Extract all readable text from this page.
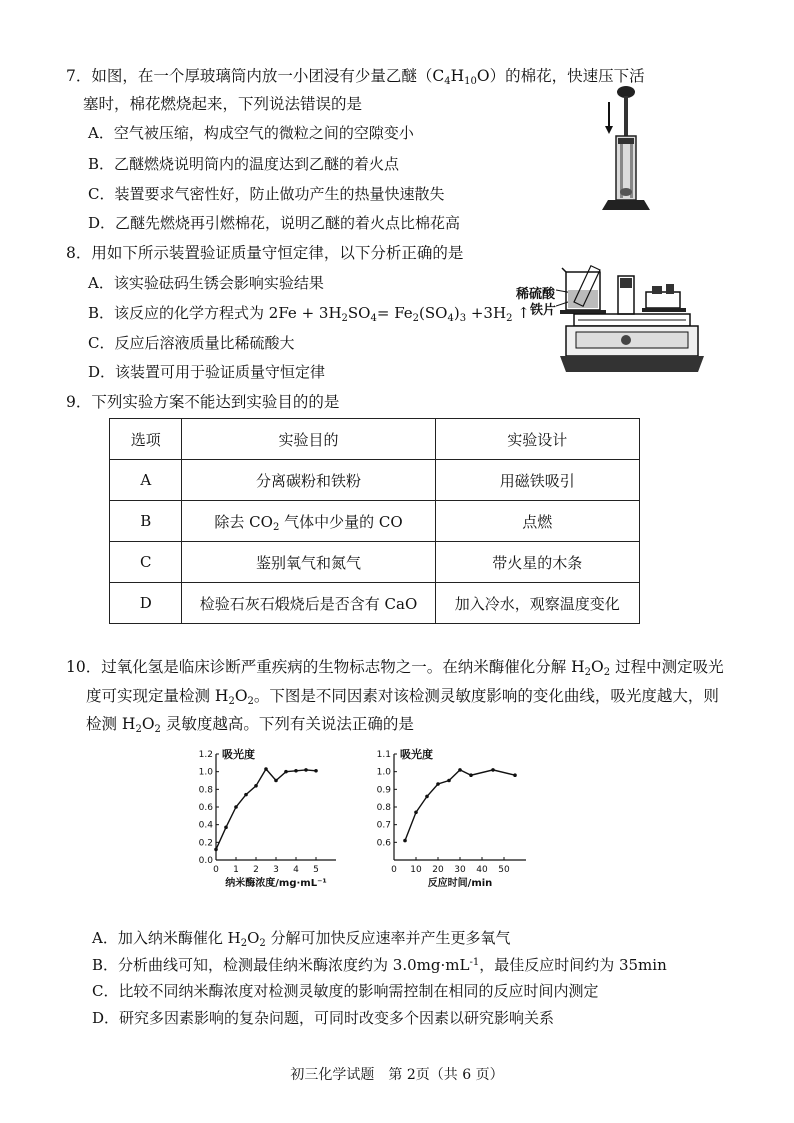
7．如图，在一个厚玻璃筒内放一小团浸有少量乙醚$(C_4H_{10}O)$的棉花，快速压下活
塞时，棉花燃烧起来，下列说法错误的是
A．空气被压缩，构成空气的微粒之间的空隙变小
B．乙醚燃烧说明筒内的温度达到乙醚的着火点
C．装置要求气密性好，防止做功产生的热量快速散失
D．乙醚先燃烧再引燃棉花，说明乙醚的着火点比棉花高
8．用如下所示装置验证质量守恒定律，以下分析正确的是
A．该实验砝码生锈会影响实验结果
B．该反应的化学方程式为 $2Fe + 3H_2SO_4= Fe_2(SO_4)_3 +3H_2$ ↑
C．反应后溶液质量比稀硫酸大
D．该装置可用于验证质量守恒定律
稀硫酸
铁片
9．下列实验方案不能达到实验目的的是
选项	实验目的	实验设计
A	分离碳粉和铁粉	用磁铁吸引
B	除去 $CO_2$ 气体中少量的 CO	点燃
C	鉴别氧气和氮气	带火星的木条
D	检验石灰石煅烧后是否含有 CaO	加入冷水，观察温度变化
10．过氧化氢是临床诊断严重疾病的生物标志物之一。在纳米酶催化分解 $H_2O_2$ 过程中测定吸光
度可实现定量检测 $H_2O_2$。下图是不同因素对该检测灵敏度影响的变化曲线，吸光度越大，则
检测 $H_2O_2$ 灵敏度越高。下列有关说法正确的是
0.0
0.2
0.4
0.6
0.8
1.0
1.2
0 1 2 3 4 5
吸光度
纳米酶浓度/mg·mL⁻¹
0.6
0.7
0.8
0.9
1.0
1.1
0 10 20 30 40 50
吸光度
反应时间/min
A．加入纳米酶催化 $H_2O_2$ 分解可加快反应速率并产生更多氧气
B．分析曲线可知，检测最佳纳米酶浓度约为 $3.0mg\cdot mL^{-1}$，最佳反应时间约为 35min
C．比较不同纳米酶浓度对检测灵敏度的影响需控制在相同的反应时间内测定
D．研究多因素影响的复杂问题，可同时改变多个因素以研究影响关系
初三化学试题　第 2页（共 6 页）
